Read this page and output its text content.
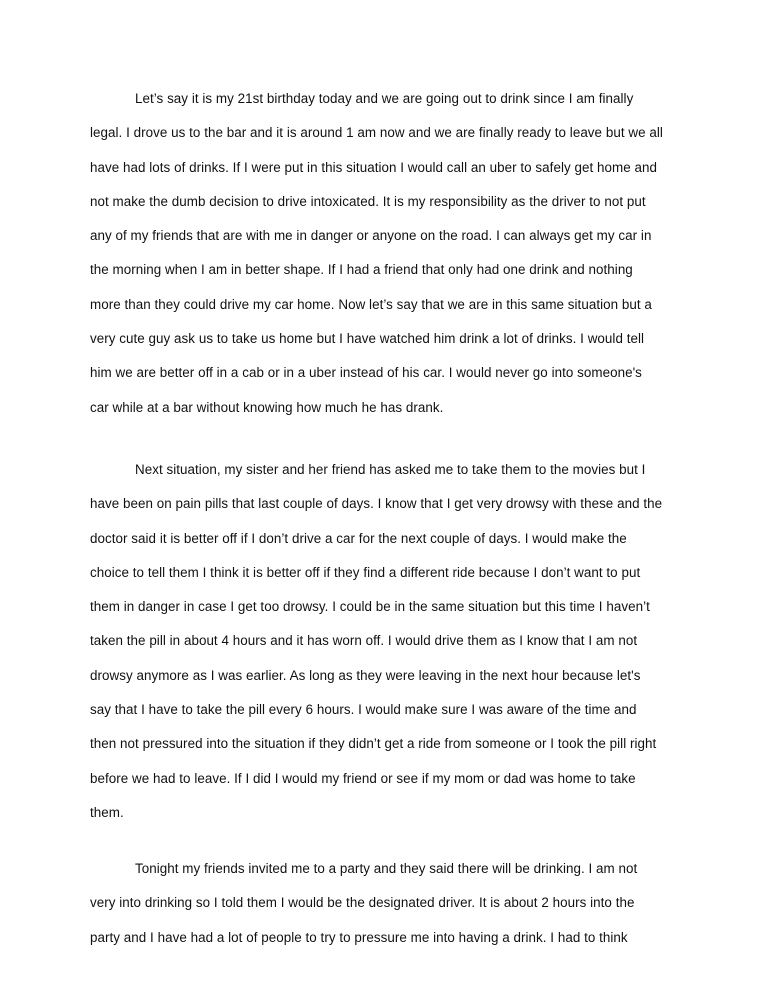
Let’s say it is my 21st birthday today and we are going out to drink since I am finally
legal. I drove us to the bar and it is around 1 am now and we are finally ready to leave but we all
have had lots of drinks. If I were put in this situation I would call an uber to safely get home and
not make the dumb decision to drive intoxicated. It is my responsibility as the driver to not put
any of my friends that are with me in danger or anyone on the road. I can always get my car in
the morning when I am in better shape. If I had a friend that only had one drink and nothing
more than they could drive my car home. Now let’s say that we are in this same situation but a
very cute guy ask us to take us home but I have watched him drink a lot of drinks. I would tell
him we are better off in a cab or in a uber instead of his car. I would never go into someone's
car while at a bar without knowing how much he has drank.

Next situation, my sister and her friend has asked me to take them to the movies but I
have been on pain pills that last couple of days. I know that I get very drowsy with these and the
doctor said it is better off if I don’t drive a car for the next couple of days. I would make the
choice to tell them I think it is better off if they find a different ride because I don’t want to put
them in danger in case I get too drowsy. I could be in the same situation but this time I haven’t
taken the pill in about 4 hours and it has worn off. I would drive them as I know that I am not
drowsy anymore as I was earlier. As long as they were leaving in the next hour because let's
say that I have to take the pill every 6 hours. I would make sure I was aware of the time and
then not pressured into the situation if they didn’t get a ride from someone or I took the pill right
before we had to leave. If I did I would my friend or see if my mom or dad was home to take
them.

Tonight my friends invited me to a party and they said there will be drinking. I am not
very into drinking so I told them I would be the designated driver. It is about 2 hours into the
party and I have had a lot of people to try to pressure me into having a drink. I had to think
